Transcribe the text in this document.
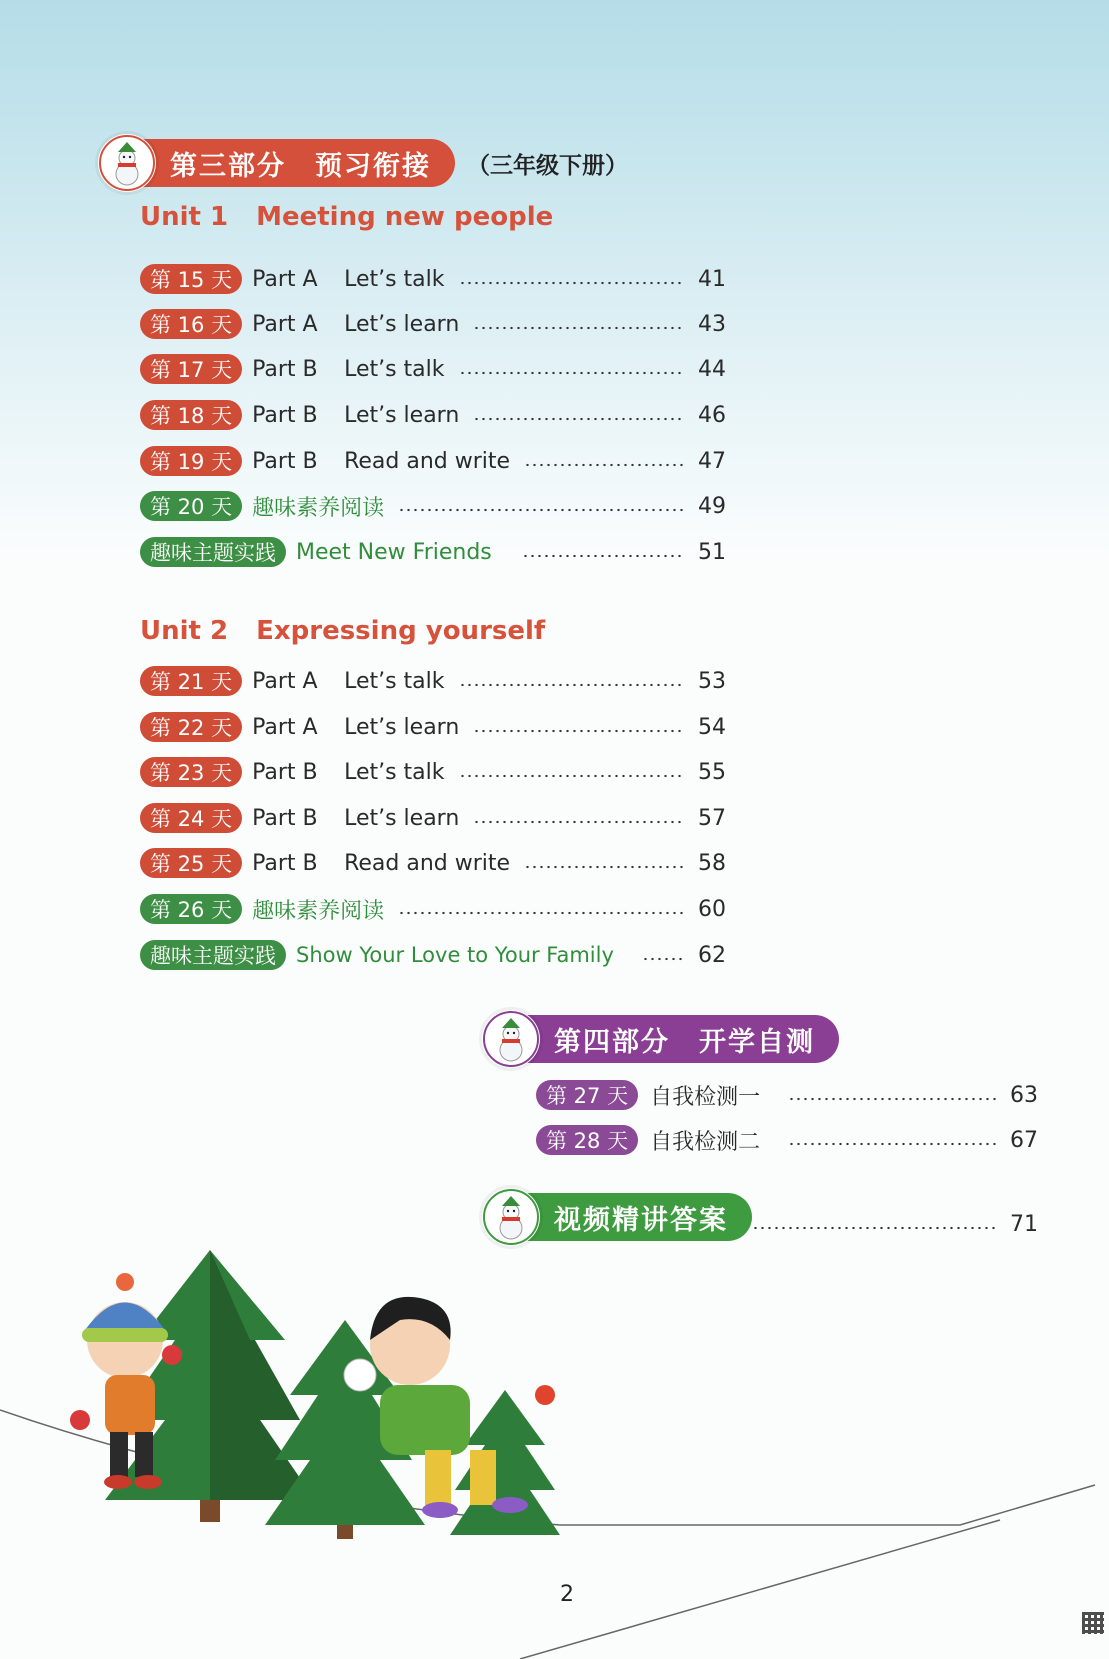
第三部分　预习衔接	（三年级下册）
Unit 1 Meeting new people
第 15 天 Part A	Let’s talk	41
第 16 天 Part A	Let’s learn	43
第 17 天 Part B	Let’s talk	44
第 18 天 Part B	Let’s learn	46
第 19 天 Part B	Read and write	47
第 20 天 趣味素养阅读	49
趣味主题实践 Meet New Friends	51
Unit 2 Expressing yourself
第 21 天 Part A	Let’s talk	53
第 22 天 Part A	Let’s learn	54
第 23 天 Part B	Let’s talk	55
第 24 天 Part B	Let’s learn	57
第 25 天 Part B	Read and write	58
第 26 天 趣味素养阅读	60
趣味主题实践 Show Your Love to Your Family	62
第四部分　开学自测
第 27 天	自我检测一	63
第 28 天	自我检测二	67
视频精讲答案	71
2
